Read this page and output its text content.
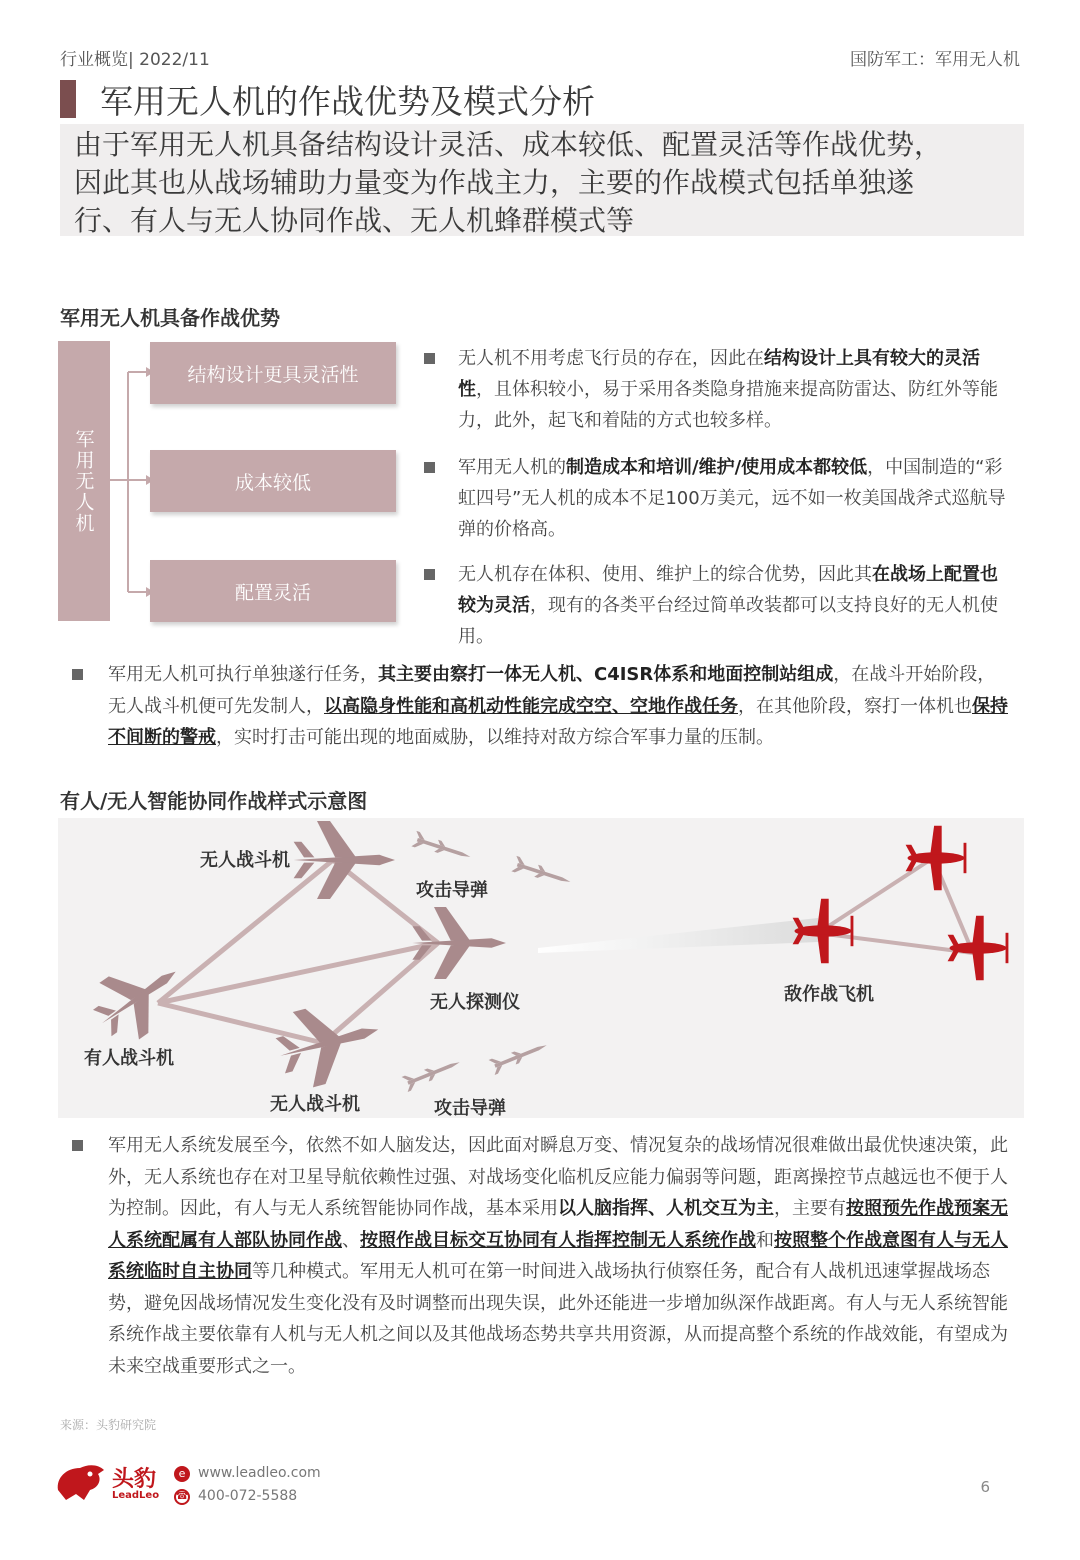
行业概览| 2022/11	国防军工：军用无人机
军用无人机的作战优势及模式分析
由于军用无人机具备结构设计灵活、成本较低、配置灵活等作战优势，因此其也从战场辅助力量变为作战主力，主要的作战模式包括单独遂行、有人与无人协同作战、无人机蜂群模式等
军用无人机具备作战优势
军用无人机
结构设计更具灵活性
成本较低
配置灵活
无人机不用考虑飞行员的存在，因此在结构设计上具有较大的灵活性，且体积较小，易于采用各类隐身措施来提高防雷达、防红外等能力，此外，起飞和着陆的方式也较多样。
军用无人机的制造成本和培训/维护/使用成本都较低，中国制造的“彩虹四号”无人机的成本不足100万美元，远不如一枚美国战斧式巡航导弹的价格高。
无人机存在体积、使用、维护上的综合优势，因此其在战场上配置也较为灵活，现有的各类平台经过简单改装都可以支持良好的无人机使用。
军用无人机可执行单独遂行任务，其主要由察打一体无人机、C4ISR体系和地面控制站组成，在战斗开始阶段，无人战斗机便可先发制人，以高隐身性能和高机动性能完成空空、空地作战任务，在其他阶段，察打一体机也保持不间断的警戒，实时打击可能出现的地面威胁，以维持对敌方综合军事力量的压制。
有人/无人智能协同作战样式示意图
无人战斗机
攻击导弹
无人探测仪
有人战斗机
无人战斗机	攻击导弹
敌作战飞机
军用无人系统发展至今，依然不如人脑发达，因此面对瞬息万变、情况复杂的战场情况很难做出最优快速决策，此外，无人系统也存在对卫星导航依赖性过强、对战场变化临机反应能力偏弱等问题，距离操控节点越远也不便于人为控制。因此，有人与无人系统智能协同作战，基本采用以人脑指挥、人机交互为主，主要有按照预先作战预案无人系统配属有人部队协同作战、按照作战目标交互协同有人指挥控制无人系统作战和按照整个作战意图有人与无人系统临时自主协同等几种模式。军用无人机可在第一时间进入战场执行侦察任务，配合有人战机迅速掌握战场态势，避免因战场情况发生变化没有及时调整而出现失误，此外还能进一步增加纵深作战距离。有人与无人系统智能系统作战主要依靠有人机与无人机之间以及其他战场态势共享共用资源，从而提高整个系统的作战效能，有望成为未来空战重要形式之一。
来源：头豹研究院
头豹
LeadLeo
e www.leadleo.com
☎ 400-072-5588	6
